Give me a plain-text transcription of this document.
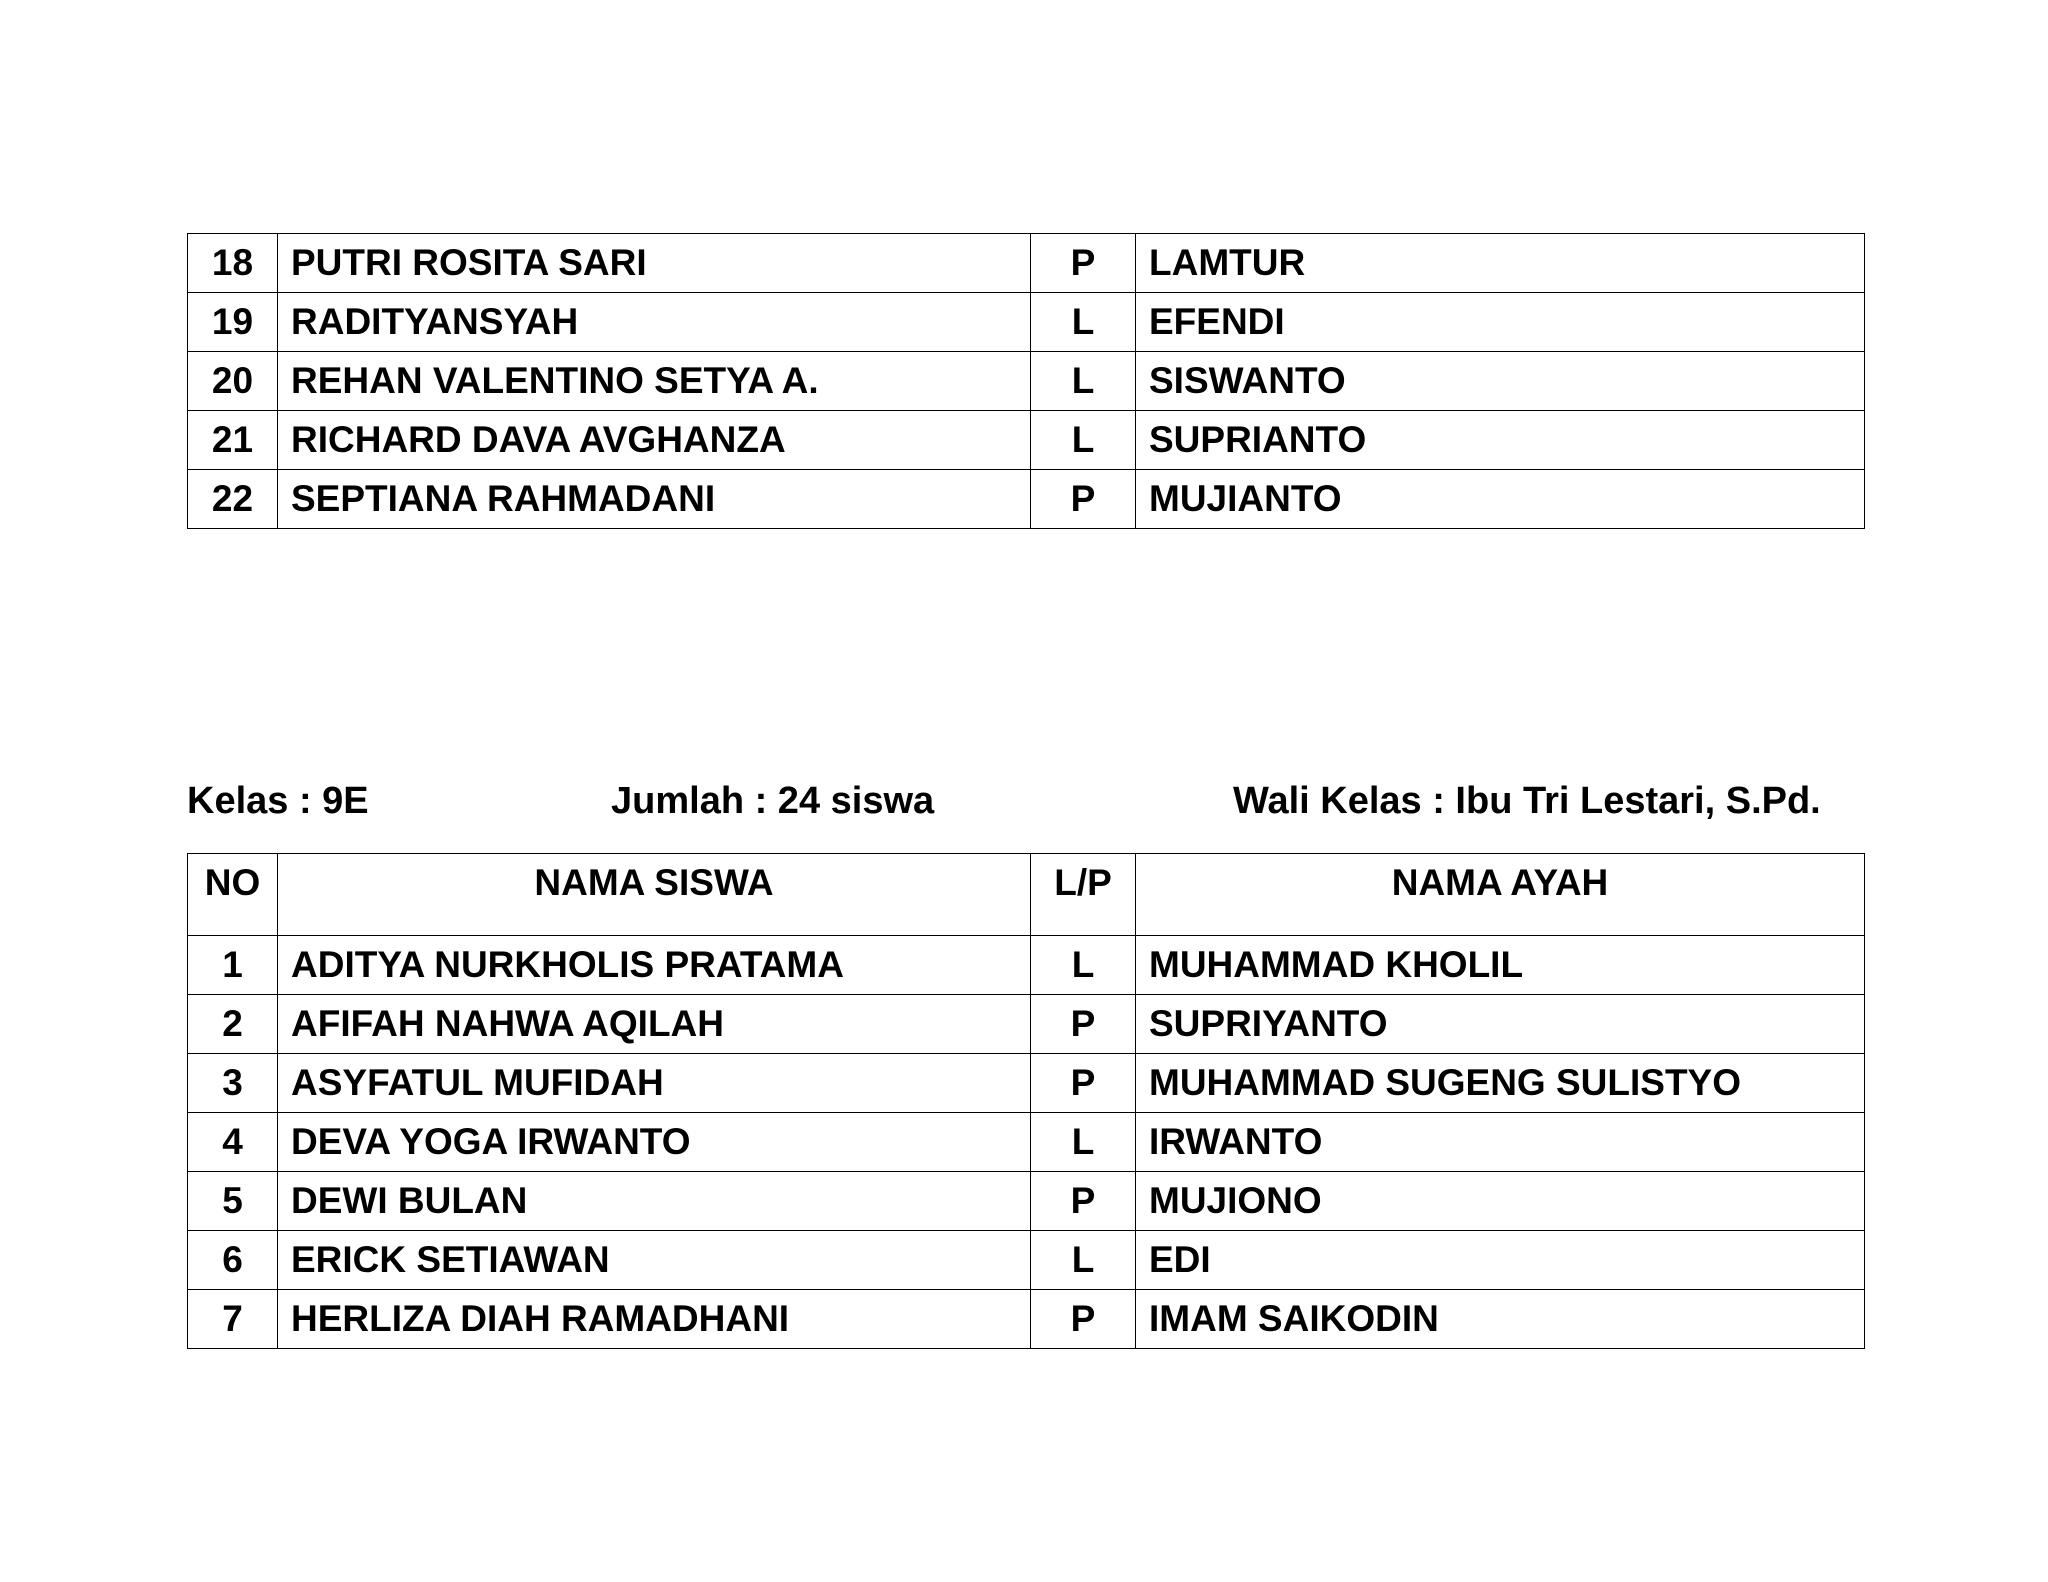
18	PUTRI ROSITA SARI	P	LAMTUR
19	RADITYANSYAH	L	EFENDI
20	REHAN VALENTINO SETYA A.	L	SISWANTO
21	RICHARD DAVA AVGHANZA	L	SUPRIANTO
22	SEPTIANA RAHMADANI	P	MUJIANTO
Kelas : 9E	Jumlah : 24 siswa	Wali Kelas : Ibu Tri Lestari, S.Pd.
NO	NAMA SISWA	L/P	NAMA AYAH
1	ADITYA NURKHOLIS PRATAMA	L	MUHAMMAD KHOLIL
2	AFIFAH NAHWA AQILAH	P	SUPRIYANTO
3	ASYFATUL MUFIDAH	P	MUHAMMAD SUGENG SULISTYO
4	DEVA YOGA IRWANTO	L	IRWANTO
5	DEWI BULAN	P	MUJIONO
6	ERICK SETIAWAN	L	EDI
7	HERLIZA DIAH RAMADHANI	P	IMAM SAIKODIN
